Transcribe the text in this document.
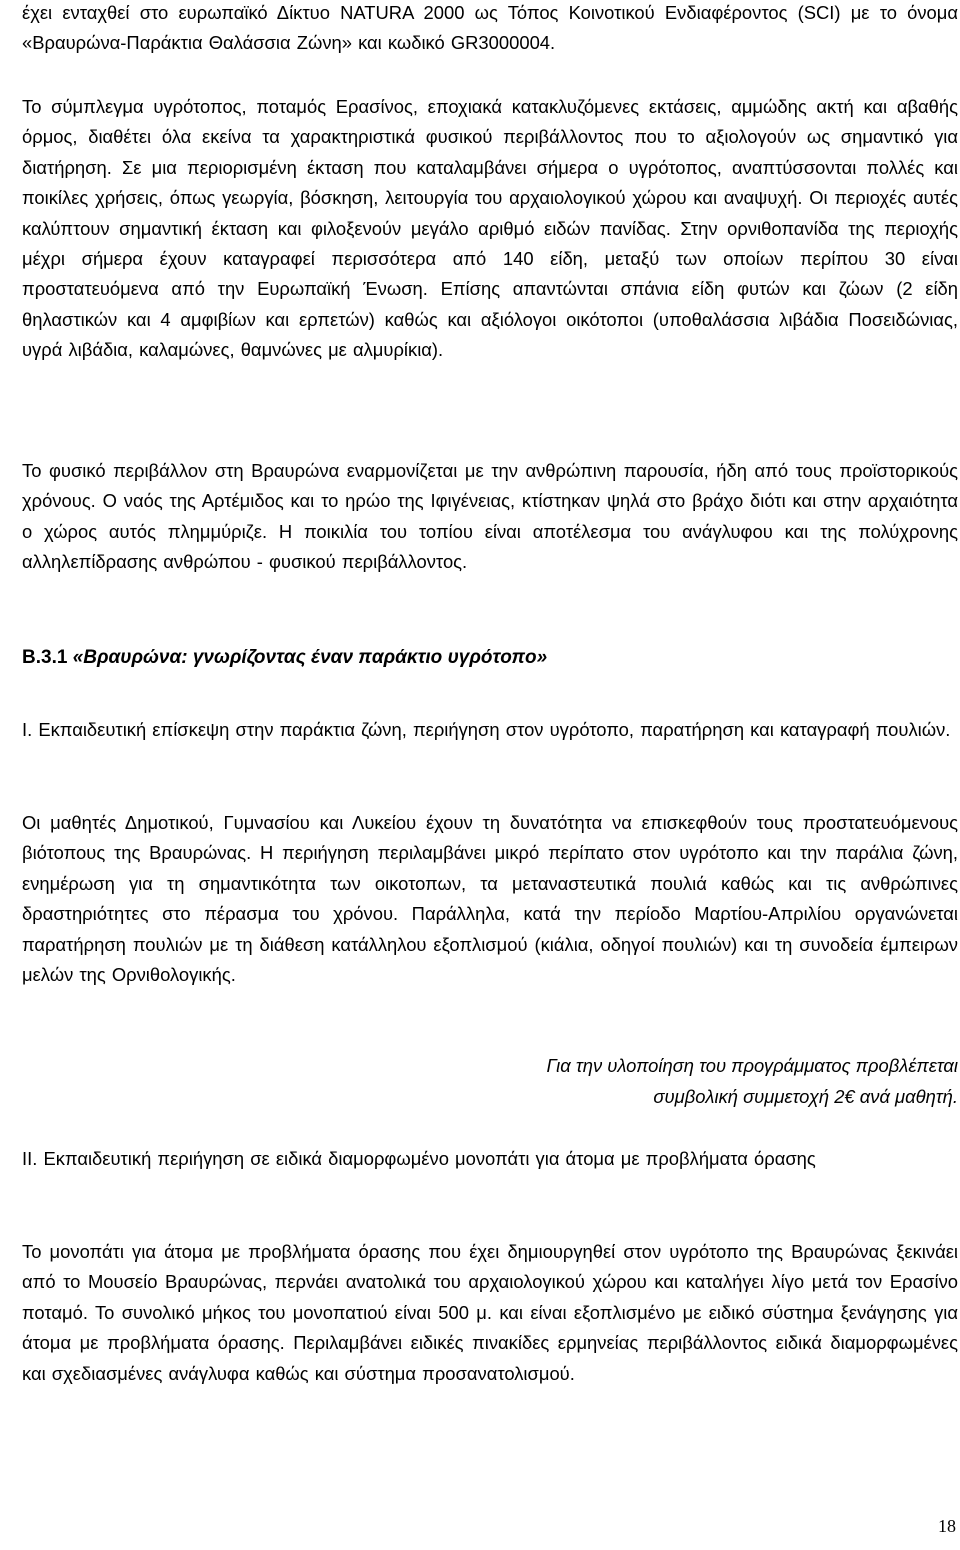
έχει ενταχθεί στο ευρωπαϊκό Δίκτυο NATURA 2000 ως Τόπος Κοινοτικού Ενδιαφέροντος (SCI) με το όνομα «Βραυρώνα-Παράκτια Θαλάσσια Ζώνη» και κωδικό GR3000004.

Το σύμπλεγμα υγρότοπος, ποταμός Ερασίνος, εποχιακά κατακλυζόμενες εκτάσεις, αμμώδης ακτή και αβαθής όρμος, διαθέτει όλα εκείνα τα χαρακτηριστικά φυσικού περιβάλλοντος που το αξιολογούν ως σημαντικό για διατήρηση. Σε μια περιορισμένη έκταση που καταλαμβάνει σήμερα ο υγρότοπος, αναπτύσσονται πολλές και ποικίλες χρήσεις, όπως γεωργία, βόσκηση, λειτουργία του αρχαιολογικού χώρου και αναψυχή. Οι περιοχές αυτές καλύπτουν σημαντική έκταση και φιλοξενούν μεγάλο αριθμό ειδών πανίδας. Στην ορνιθοπανίδα της περιοχής μέχρι σήμερα έχουν καταγραφεί περισσότερα από 140 είδη, μεταξύ των οποίων περίπου 30 είναι προστατευόμενα από την Ευρωπαϊκή Ένωση. Επίσης απαντώνται σπάνια είδη φυτών και ζώων (2 είδη θηλαστικών και 4 αμφιβίων και ερπετών) καθώς και αξιόλογοι οικότοποι (υποθαλάσσια λιβάδια Ποσειδώνιας, υγρά λιβάδια, καλαμώνες, θαμνώνες με αλμυρίκια).

Το φυσικό περιβάλλον στη Βραυρώνα εναρμονίζεται με την ανθρώπινη παρουσία, ήδη από τους προϊστορικούς χρόνους. Ο ναός της Αρτέμιδος και το ηρώο της Ιφιγένειας, κτίστηκαν ψηλά στο βράχο διότι και στην αρχαιότητα ο χώρος αυτός πλημμύριζε. Η ποικιλία του τοπίου είναι αποτέλεσμα του ανάγλυφου και της πολύχρονης αλληλεπίδρασης ανθρώπου - φυσικού περιβάλλοντος.

Β.3.1 «Βραυρώνα: γνωρίζοντας έναν παράκτιο υγρότοπο»

Ι. Εκπαιδευτική επίσκεψη στην παράκτια ζώνη, περιήγηση στον υγρότοπο, παρατήρηση και καταγραφή πουλιών.

Οι μαθητές Δημοτικού, Γυμνασίου και Λυκείου έχουν τη δυνατότητα να επισκεφθούν τους προστατευόμενους βιότοπους της Βραυρώνας. Η περιήγηση περιλαμβάνει μικρό περίπατο στον υγρότοπο και την παράλια ζώνη, ενημέρωση για τη σημαντικότητα των οικοτοπων, τα μεταναστευτικά πουλιά καθώς και τις ανθρώπινες δραστηριότητες στο πέρασμα του χρόνου. Παράλληλα, κατά την περίοδο Μαρτίου-Απριλίου οργανώνεται παρατήρηση πουλιών με τη διάθεση κατάλληλου εξοπλισμού (κιάλια, οδηγοί πουλιών) και τη συνοδεία έμπειρων μελών της Ορνιθολογικής.

Για την υλοποίηση του προγράμματος προβλέπεται
συμβολική συμμετοχή 2€ ανά μαθητή.

ΙΙ. Εκπαιδευτική περιήγηση σε ειδικά διαμορφωμένο μονοπάτι για άτομα με προβλήματα όρασης

Το μονοπάτι για άτομα με προβλήματα όρασης που έχει δημιουργηθεί στον υγρότοπο της Βραυρώνας ξεκινάει από το Μουσείο Βραυρώνας, περνάει ανατολικά του αρχαιολογικού χώρου και καταλήγει λίγο μετά τον Ερασίνο ποταμό. Το συνολικό μήκος του μονοπατιού είναι 500 μ. και είναι εξοπλισμένο με ειδικό σύστημα ξενάγησης για άτομα με προβλήματα όρασης. Περιλαμβάνει ειδικές πινακίδες ερμηνείας περιβάλλοντος ειδικά διαμορφωμένες και σχεδιασμένες ανάγλυφα καθώς και σύστημα προσανατολισμού.

18
